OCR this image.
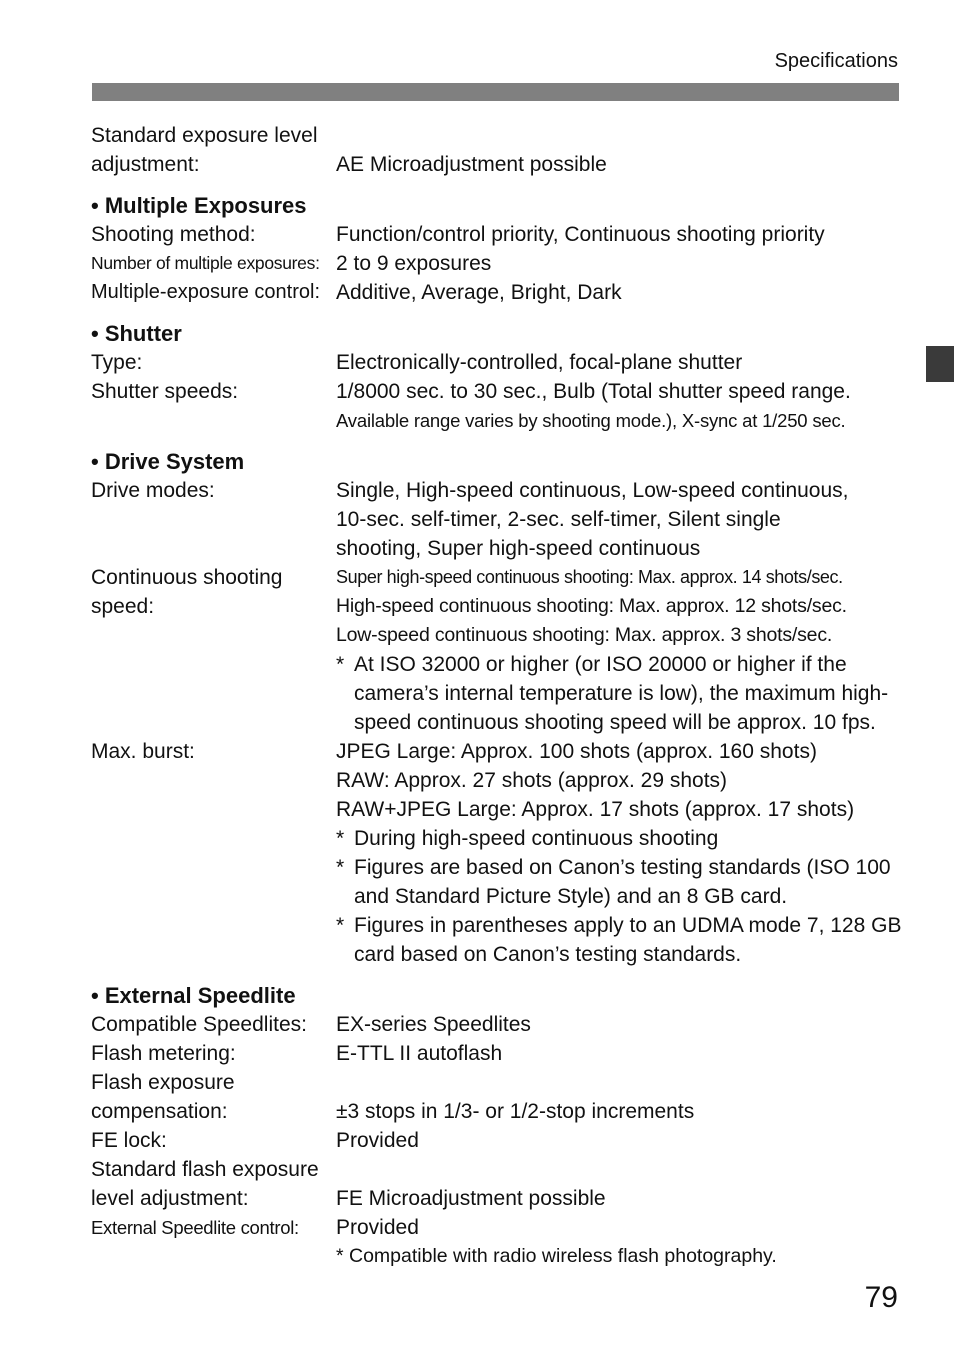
Specifications
Standard exposure level
adjustment:	
AE Microadjustment possible
• Multiple Exposures
Shooting method:	Function/control priority, Continuous shooting priority
Number of multiple exposures: 2 to 9 exposures
Multiple-exposure control: Additive, Average, Bright, Dark
• Shutter
Type:	Electronically-controlled, focal-plane shutter
Shutter speeds:	1/8000 sec. to 30 sec., Bulb (Total shutter speed range.
Available range varies by shooting mode.), X-sync at 1/250 sec.
• Drive System
Drive modes:	Single, High-speed continuous, Low-speed continuous,
10-sec. self-timer, 2-sec. self-timer, Silent single
shooting, Super high-speed continuous
Continuous shooting
speed:
Super high-speed continuous shooting: Max. approx. 14 shots/sec.
High-speed continuous shooting: Max. approx. 12 shots/sec.
Low-speed continuous shooting: Max. approx. 3 shots/sec.
* At ISO 32000 or higher (or ISO 20000 or higher if the camera’s internal temperature is low), the maximum high-speed continuous shooting speed will be approx. 10 fps.
Max. burst:	JPEG Large: Approx. 100 shots (approx. 160 shots)
RAW: Approx. 27 shots (approx. 29 shots)
RAW+JPEG Large: Approx. 17 shots (approx. 17 shots)
* During high-speed continuous shooting
* Figures are based on Canon’s testing standards (ISO 100 and Standard Picture Style) and an 8 GB card.
* Figures in parentheses apply to an UDMA mode 7, 128 GB card based on Canon’s testing standards.
• External Speedlite
Compatible Speedlites:	EX-series Speedlites
Flash metering:	E-TTL II autoflash
Flash exposure
compensation:	±3 stops in 1/3- or 1/2-stop increments
FE lock:	Provided
Standard flash exposure
level adjustment:	FE Microadjustment possible
External Speedlite control:	Provided
* Compatible with radio wireless flash photography.
79
